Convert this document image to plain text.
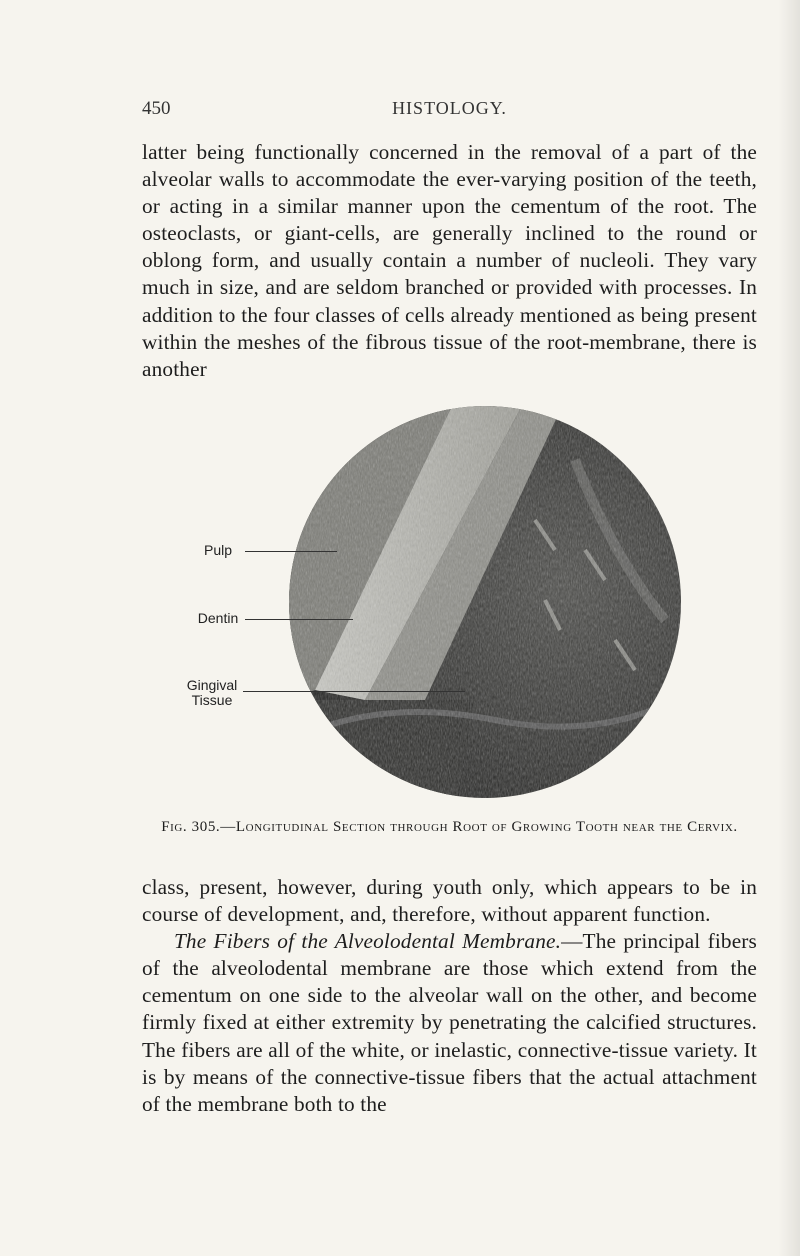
450	HISTOLOGY.

latter being functionally concerned in the removal of a part of the alveolar walls to accommodate the ever-varying position of the teeth, or acting in a similar manner upon the cementum of the root. The osteoclasts, or giant-cells, are generally inclined to the round or oblong form, and usually contain a number of nucleoli. They vary much in size, and are seldom branched or provided with processes. In addition to the four classes of cells already mentioned as being present within the meshes of the fibrous tissue of the root-membrane, there is another

Pulp
Dentin
Gingival
Tissue
Fig. 305.—Longitudinal Section through Root of Growing Tooth near the Cervix.

class, present, however, during youth only, which appears to be in course of development, and, therefore, without apparent function.

The Fibers of the Alveolodental Membrane.—The principal fibers of the alveolodental membrane are those which extend from the cementum on one side to the alveolar wall on the other, and become firmly fixed at either extremity by penetrating the calcified structures. The fibers are all of the white, or inelastic, connective-tissue variety. It is by means of the connective-tissue fibers that the actual attachment of the membrane both to the
